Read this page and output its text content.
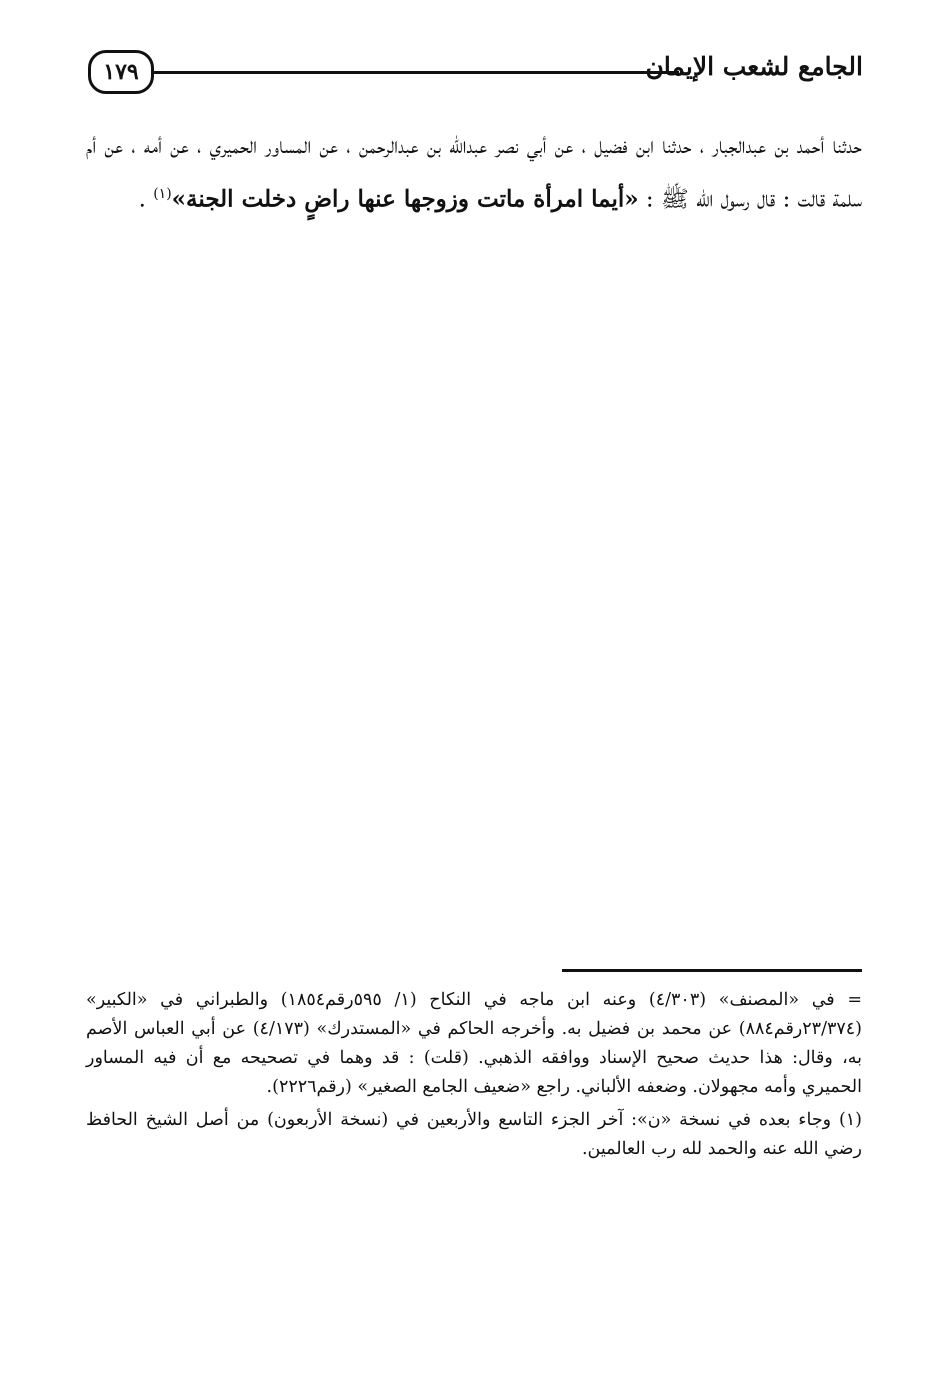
١٧٩	الجامع لشعب الإيمان
حدثنا أحمد بن عبدالجبار ، حدثنا ابن فضيل ، عن أبي نصر عبدالله بن عبدالرحمن ، عن المساور الحميري ، عن أمه ، عن أم سلمة قالت : قال رسول الله ﷺ : «أيما امرأة ماتت وزوجها عنها راضٍ دخلت الجنة»$^{(١)}$ .

= في «المصنف» (٤/٣٠٣) وعنه ابن ماجه في النكاح (١/ ٥٩٥رقم١٨٥٤) والطبراني في «الكبير» (٢٣/٣٧٤رقم٨٨٤) عن محمد بن فضيل به. وأخرجه الحاكم في «المستدرك» (٤/١٧٣) عن أبي العباس الأصم به، وقال: هذا حديث صحيح الإسناد ووافقه الذهبي. (قلت) : قد وهما في تصحيحه مع أن فيه المساور الحميري وأمه مجهولان. وضعفه الألباني. راجع «ضعيف الجامع الصغير» (رقم٢٢٢٦).

(١) وجاء بعده في نسخة «ن»: آخر الجزء التاسع والأربعين في (نسخة الأربعون) من أصل الشيخ الحافظ رضي الله عنه والحمد لله رب العالمين.
